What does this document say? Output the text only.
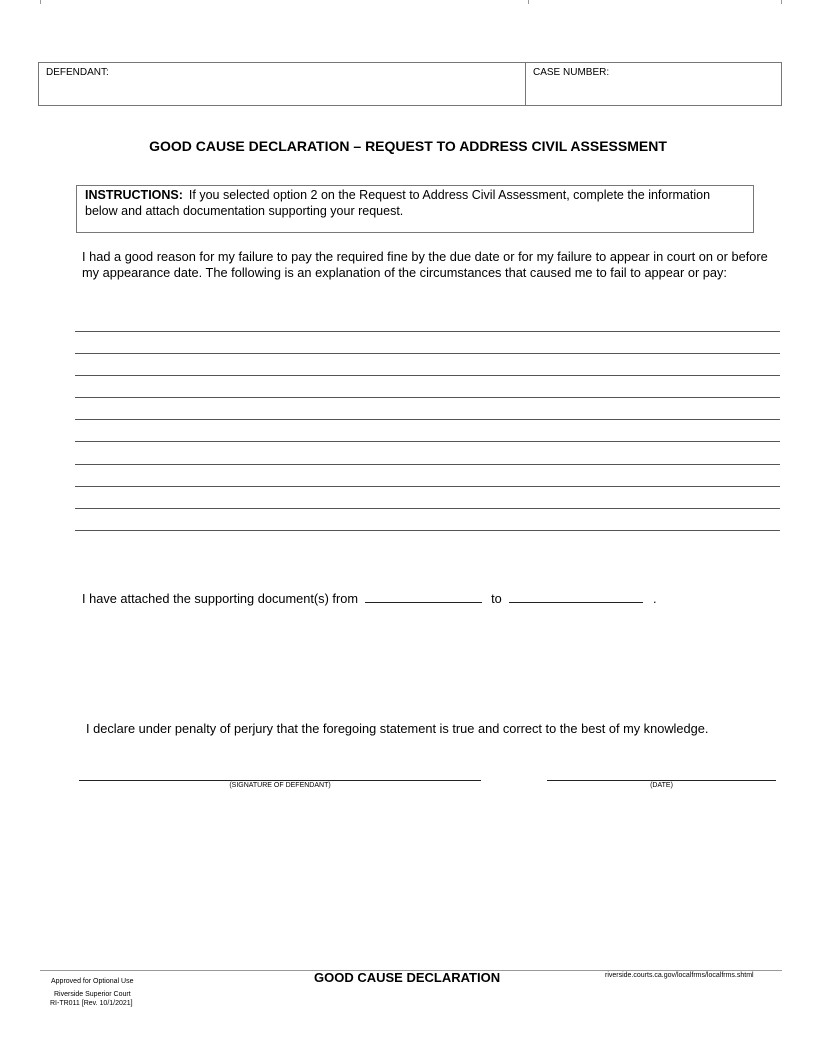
DEFENDANT:	CASE NUMBER:
GOOD CAUSE DECLARATION – REQUEST TO ADDRESS CIVIL ASSESSMENT
INSTRUCTIONS: If you selected option 2 on the Request to Address Civil Assessment, complete the information below and attach documentation supporting your request.
I had a good reason for my failure to pay the required fine by the due date or for my failure to appear in court on or before my appearance date. The following is an explanation of the circumstances that caused me to fail to appear or pay:
I have attached the supporting document(s) from	to	.
I declare under penalty of perjury that the foregoing statement is true and correct to the best of my knowledge.
(SIGNATURE OF DEFENDANT)	(DATE)
Approved for Optional Use
Riverside Superior Court
RI-TR011 [Rev. 10/1/2021]
GOOD CAUSE DECLARATION	riverside.courts.ca.gov/localfrms/localfrms.shtml
